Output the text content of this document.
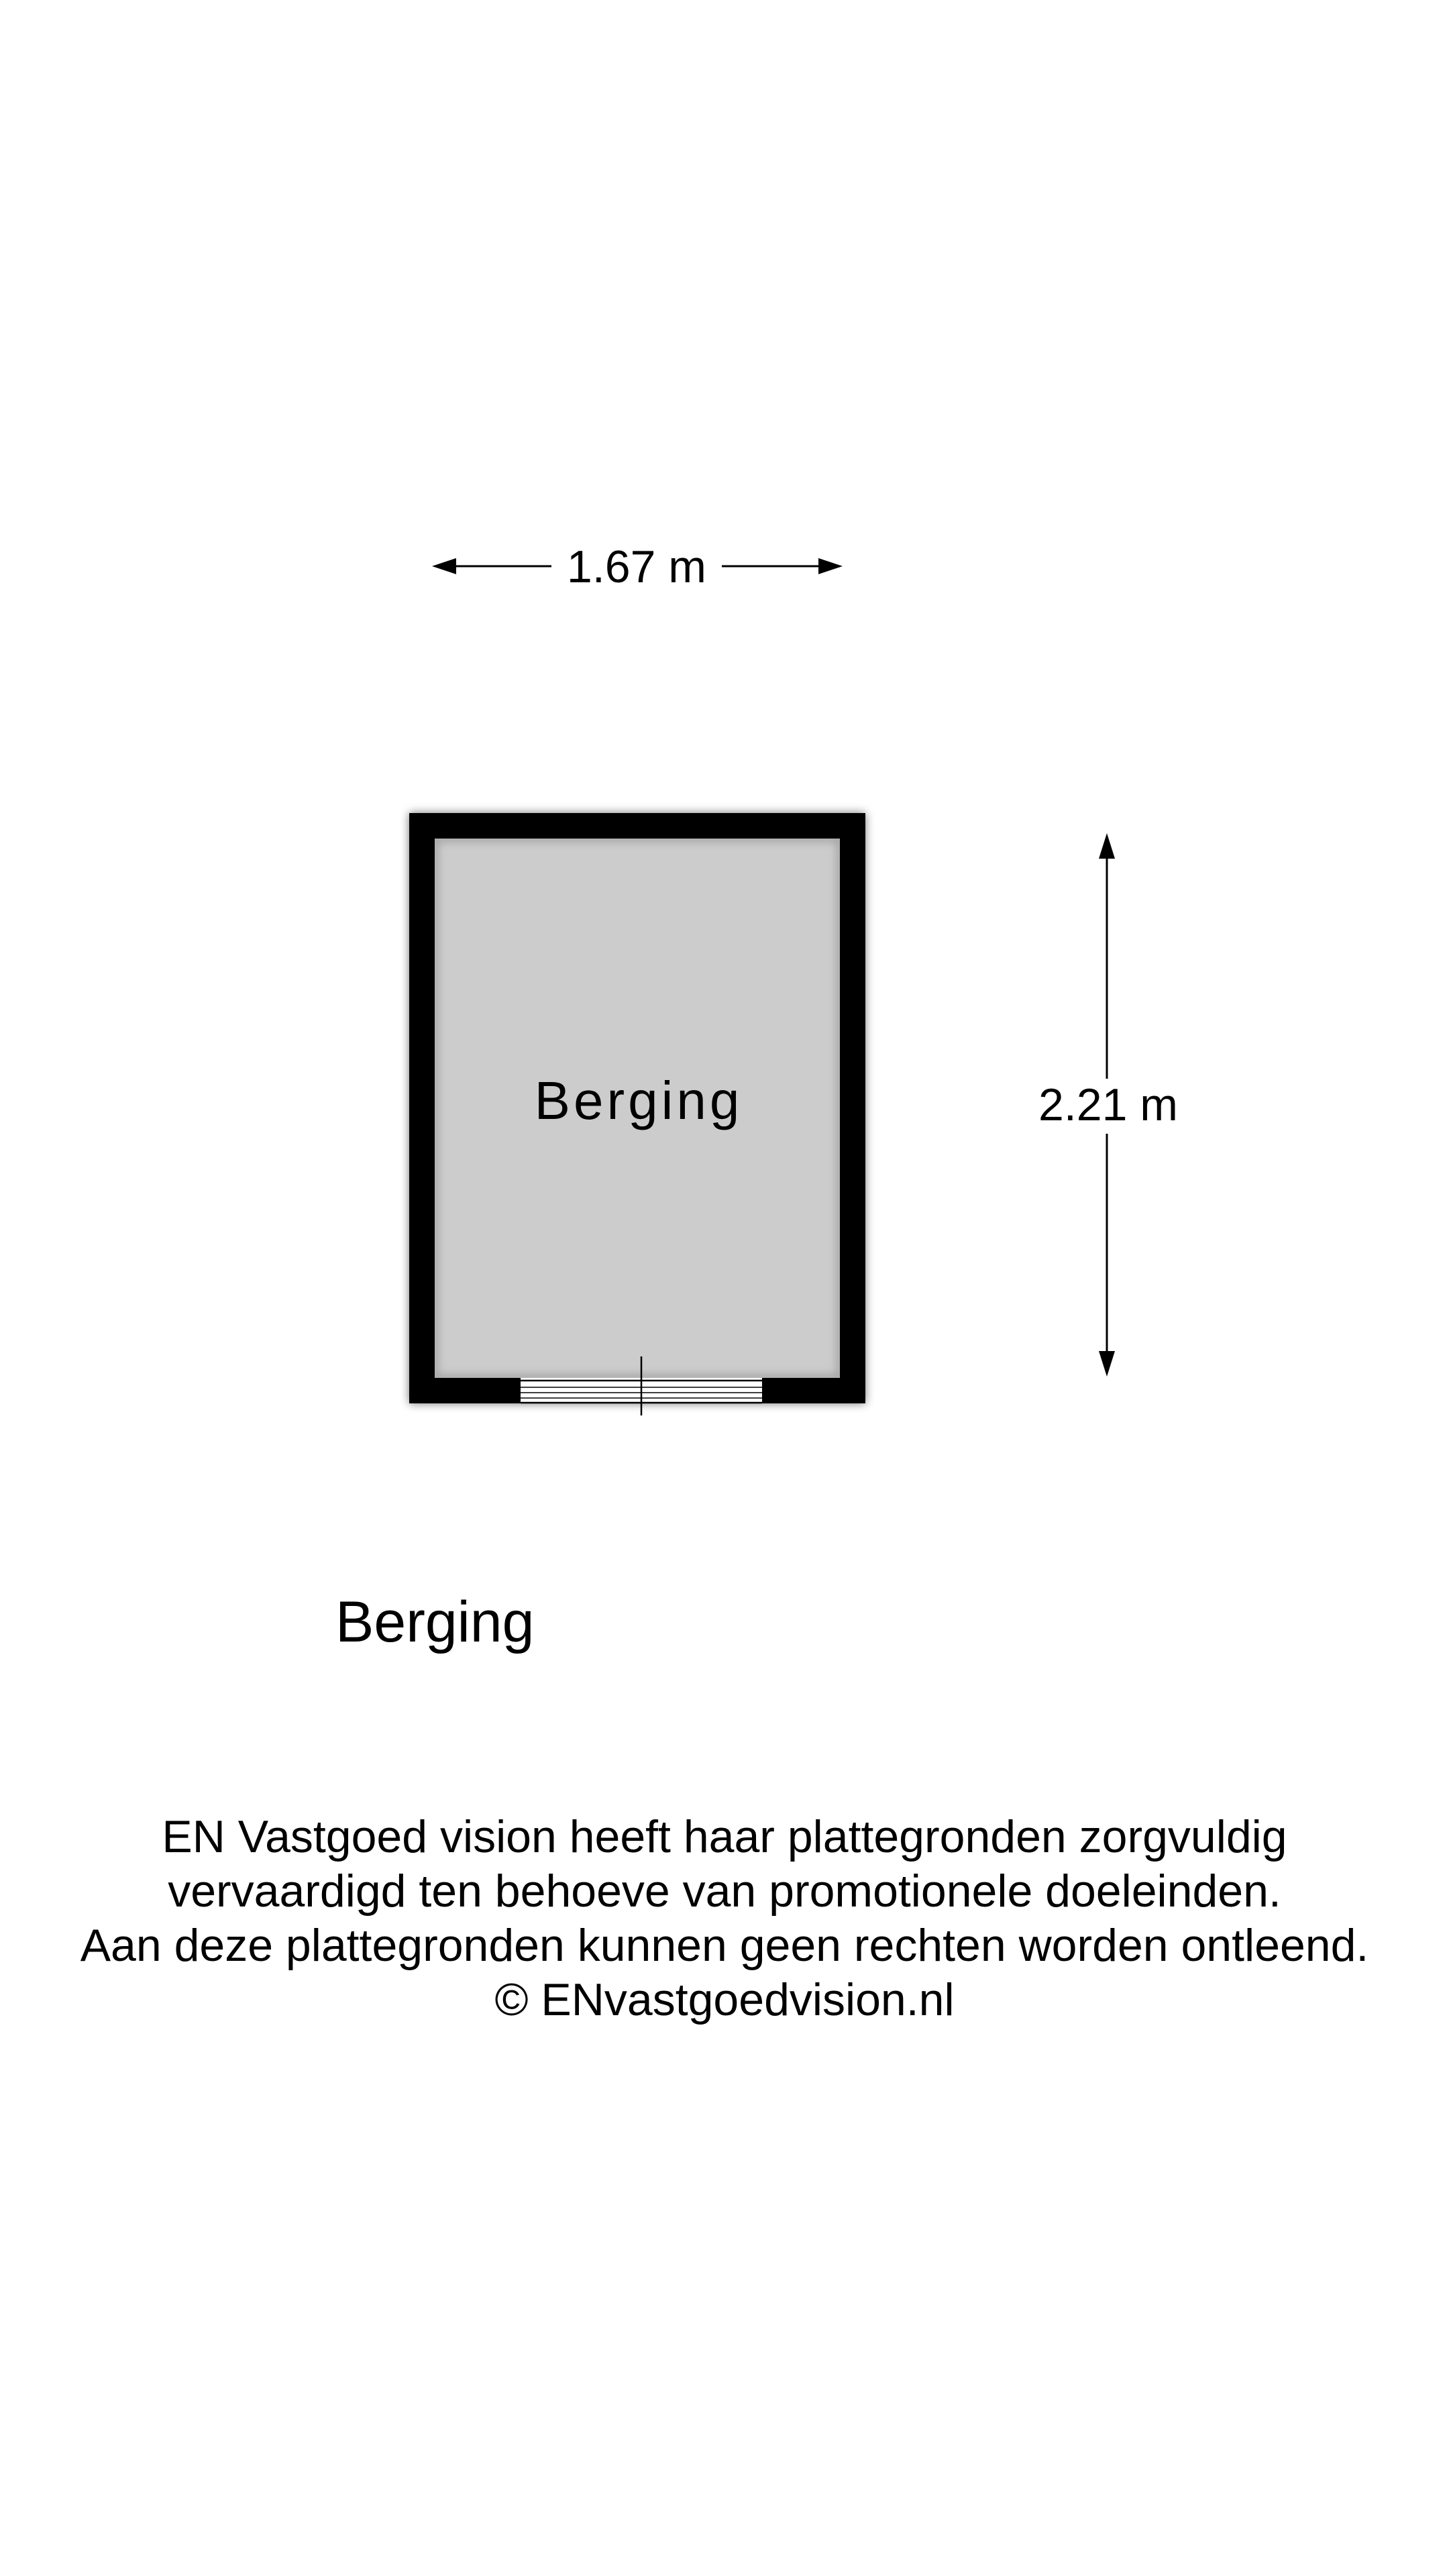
1.67 m
Berging	2.21 m
Berging
EN Vastgoed vision heeft haar plattegronden zorgvuldig
vervaardigd ten behoeve van promotionele doeleinden.
Aan deze plattegronden kunnen geen rechten worden ontleend.
© ENvastgoedvision.nl
